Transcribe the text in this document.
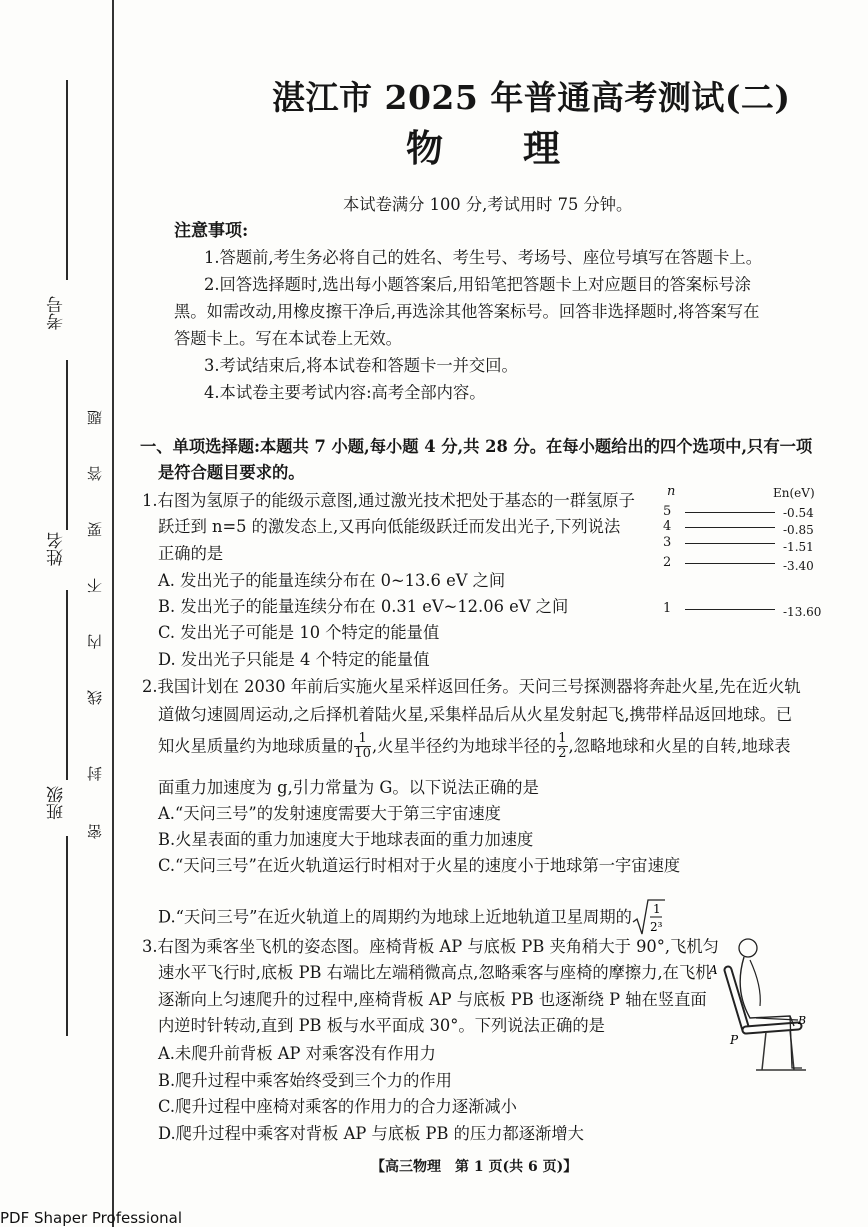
考号
姓名
班级
题
答
要
不
内
线
封
密
湛江市 2025 年普通高考测试(二)
物理
本试卷满分 100 分,考试用时 75 分钟。
注意事项:
1.答题前,考生务必将自己的姓名、考生号、考场号、座位号填写在答题卡上。
2.回答选择题时,选出每小题答案后,用铅笔把答题卡上对应题目的答案标号涂
黑。如需改动,用橡皮擦干净后,再选涂其他答案标号。回答非选择题时,将答案写在
答题卡上。写在本试卷上无效。
3.考试结束后,将本试卷和答题卡一并交回。
4.本试卷主要考试内容:高考全部内容。
一、单项选择题:本题共 7 小题,每小题 4 分,共 28 分。在每小题给出的四个选项中,只有一项
是符合题目要求的。
1.右图为氢原子的能级示意图,通过激光技术把处于基态的一群氢原子
跃迁到 n=5 的激发态上,又再向低能级跃迁而发出光子,下列说法
正确的是
A. 发出光子的能量连续分布在 0~13.6 eV 之间
B. 发出光子的能量连续分布在 0.31 eV~12.06 eV 之间
C. 发出光子可能是 10 个特定的能量值
D. 发出光子只能是 4 个特定的能量值
n	En(eV)
5	-0.54
4	-0.85
3	-1.51
2	-3.40
1	-13.60
2.我国计划在 2030 年前后实施火星采样返回任务。天问三号探测器将奔赴火星,先在近火轨
道做匀速圆周运动,之后择机着陆火星,采集样品后从火星发射起飞,携带样品返回地球。已
知火星质量约为地球质量的 $\frac{1}{10}$ ,火星半径约为地球半径的 $\frac{1}{2}$ ,忽略地球和火星的自转,地球表
面重力加速度为 g,引力常量为 G。以下说法正确的是
A.“天问三号”的发射速度需要大于第三宇宙速度
B.火星表面的重力加速度大于地球表面的重力加速度
C.“天问三号”在近火轨道运行时相对于火星的速度小于地球第一宇宙速度
D.“天问三号”在近火轨道上的周期约为地球上近地轨道卫星周期的 1
2³
3.右图为乘客坐飞机的姿态图。座椅背板 AP 与底板 PB 夹角稍大于 90°,飞机匀
速水平飞行时,底板 PB 右端比左端稍微高点,忽略乘客与座椅的摩擦力,在飞机
逐渐向上匀速爬升的过程中,座椅背板 AP 与底板 PB 也逐渐绕 P 轴在竖直面
内逆时针转动,直到 PB 板与水平面成 30°。下列说法正确的是
A.未爬升前背板 AP 对乘客没有作用力
B.爬升过程中乘客始终受到三个力的作用
C.爬升过程中座椅对乘客的作用力的合力逐渐减小
D.爬升过程中乘客对背板 AP 与底板 PB 的压力都逐渐增大
A
P
B
【高三物理　第 1 页(共 6 页)】
PDF Shaper Professional
